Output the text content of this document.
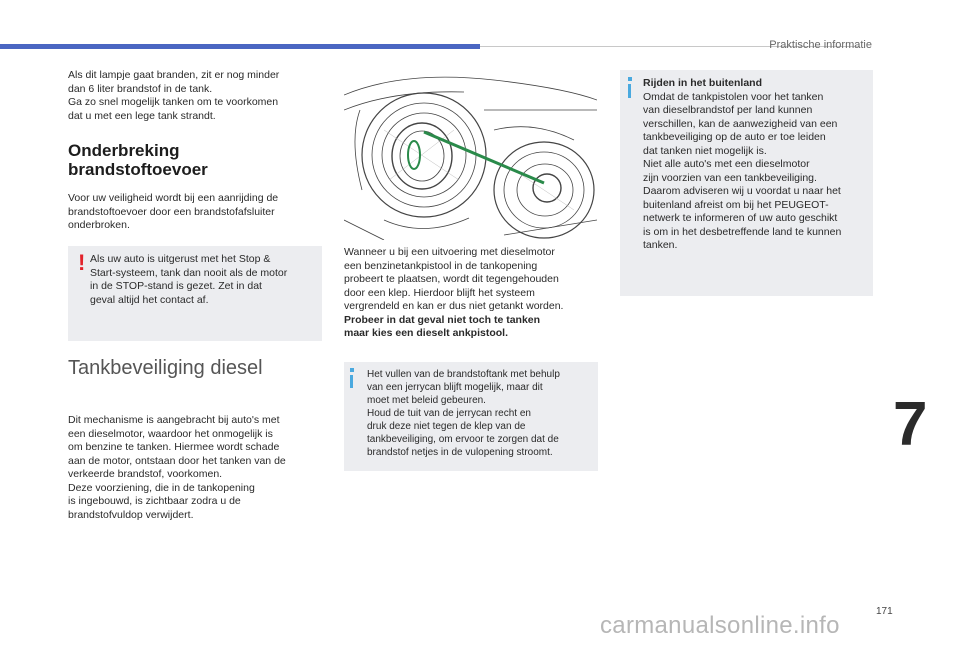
Praktische informatie

Als dit lampje gaat branden, zit er nog minder

dan 6 liter brandstof in de tank.

Ga zo snel mogelijk tanken om te voorkomen

dat u met een lege tank strandt.

Onderbreking
brandstoftoevoer

Voor uw veiligheid wordt bij een aanrijding de

brandstoftoevoer door een brandstofafsluiter

onderbroken.

! Als uw auto is uitgerust met het Stop &

Start-systeem, tank dan nooit als de motor

in de STOP-stand is gezet. Zet in dat

geval altijd het contact af.

Tankbeveiliging diesel

Dit mechanisme is aangebracht bij auto's met

een dieselmotor, waardoor het onmogelijk is

om benzine te tanken. Hiermee wordt schade

aan de motor, ontstaan door het tanken van de

verkeerde brandstof, voorkomen.

Deze voorziening, die in de tankopening

is ingebouwd, is zichtbaar zodra u de

brandstofvuldop verwijdert.

Wanneer u bij een uitvoering met dieselmotor

een benzinetankpistool in de tankopening

probeert te plaatsen, wordt dit tegengehouden

door een klep. Hierdoor blijft het systeem

vergrendeld en kan er dus niet getankt worden.

Probeer in dat geval niet toch te tanken

maar kies een dieselt ankpistool.

Het vullen van de brandstoftank met behulp

van een jerrycan blijft mogelijk, maar dit

moet met beleid gebeuren.

Houd de tuit van de jerrycan recht en

druk deze niet tegen de klep van de

tankbeveiliging, om ervoor te zorgen dat de

brandstof netjes in de vulopening stroomt.

Rijden in het buitenland

Omdat de tankpistolen voor het tanken

van dieselbrandstof per land kunnen

verschillen, kan de aanwezigheid van een

tankbeveiliging op de auto er toe leiden

dat tanken niet mogelijk is.

Niet alle auto's met een dieselmotor

zijn voorzien van een tankbeveiliging.

Daarom adviseren wij u voordat u naar het

buitenland afreist om bij het PEUGEOT-

netwerk te informeren of uw auto geschikt

is om in het desbetreffende land te kunnen

tanken.

7
171
carmanualsonline.info
